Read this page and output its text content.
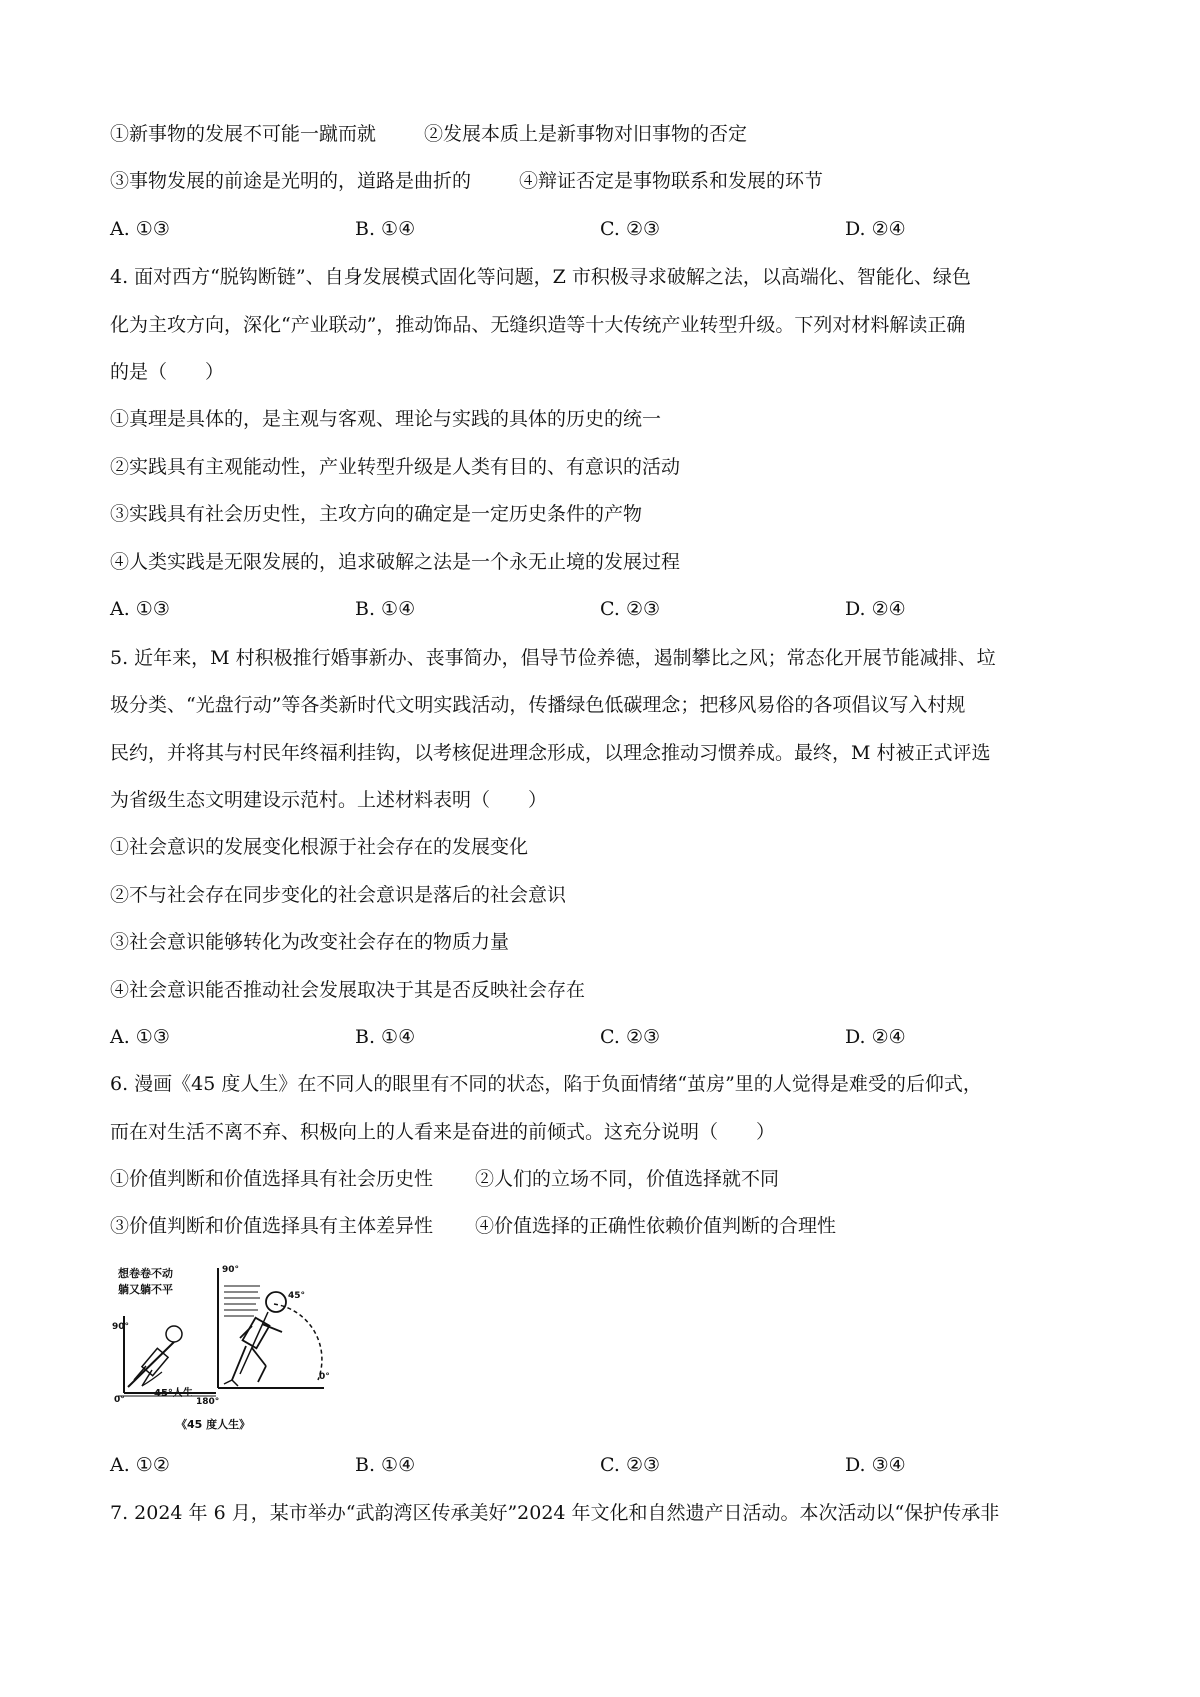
①新事物的发展不可能一蹴而就	②发展本质上是新事物对旧事物的否定
③事物发展的前途是光明的，道路是曲折的	④辩证否定是事物联系和发展的环节
A. ①③	B. ①④	C. ②③	D. ②④
4. 面对西方“脱钩断链”、自身发展模式固化等问题，Z 市积极寻求破解之法，以高端化、智能化、绿色
化为主攻方向，深化“产业联动”，推动饰品、无缝织造等十大传统产业转型升级。下列对材料解读正确
的是（　　）
①真理是具体的，是主观与客观、理论与实践的具体的历史的统一
②实践具有主观能动性，产业转型升级是人类有目的、有意识的活动
③实践具有社会历史性，主攻方向的确定是一定历史条件的产物
④人类实践是无限发展的，追求破解之法是一个永无止境的发展过程
A. ①③	B. ①④	C. ②③	D. ②④
5. 近年来，M 村积极推行婚事新办、丧事简办，倡导节俭养德，遏制攀比之风；常态化开展节能减排、垃
圾分类、“光盘行动”等各类新时代文明实践活动，传播绿色低碳理念；把移风易俗的各项倡议写入村规
民约，并将其与村民年终福利挂钩，以考核促进理念形成，以理念推动习惯养成。最终，M 村被正式评选
为省级生态文明建设示范村。上述材料表明（　　）
①社会意识的发展变化根源于社会存在的发展变化
②不与社会存在同步变化的社会意识是落后的社会意识
③社会意识能够转化为改变社会存在的物质力量
④社会意识能否推动社会发展取决于其是否反映社会存在
A. ①③	B. ①④	C. ②③	D. ②④
6. 漫画《45 度人生》在不同人的眼里有不同的状态，陷于负面情绪“茧房”里的人觉得是难受的后仰式，
而在对生活不离不弃、积极向上的人看来是奋进的前倾式。这充分说明（　　）
①价值判断和价值选择具有社会历史性 ②人们的立场不同，价值选择就不同
③价值判断和价值选择具有主体差异性 ④价值选择的正确性依赖价值判断的合理性
想卷卷不动
躺又躺不平
90°
0°
45°人生
180°
90°
45°
0°
《45 度人生》
A. ①②	B. ①④	C. ②③	D. ③④
7. 2024 年 6 月，某市举办“武韵湾区传承美好”2024 年文化和自然遗产日活动。本次活动以“保护传承非
